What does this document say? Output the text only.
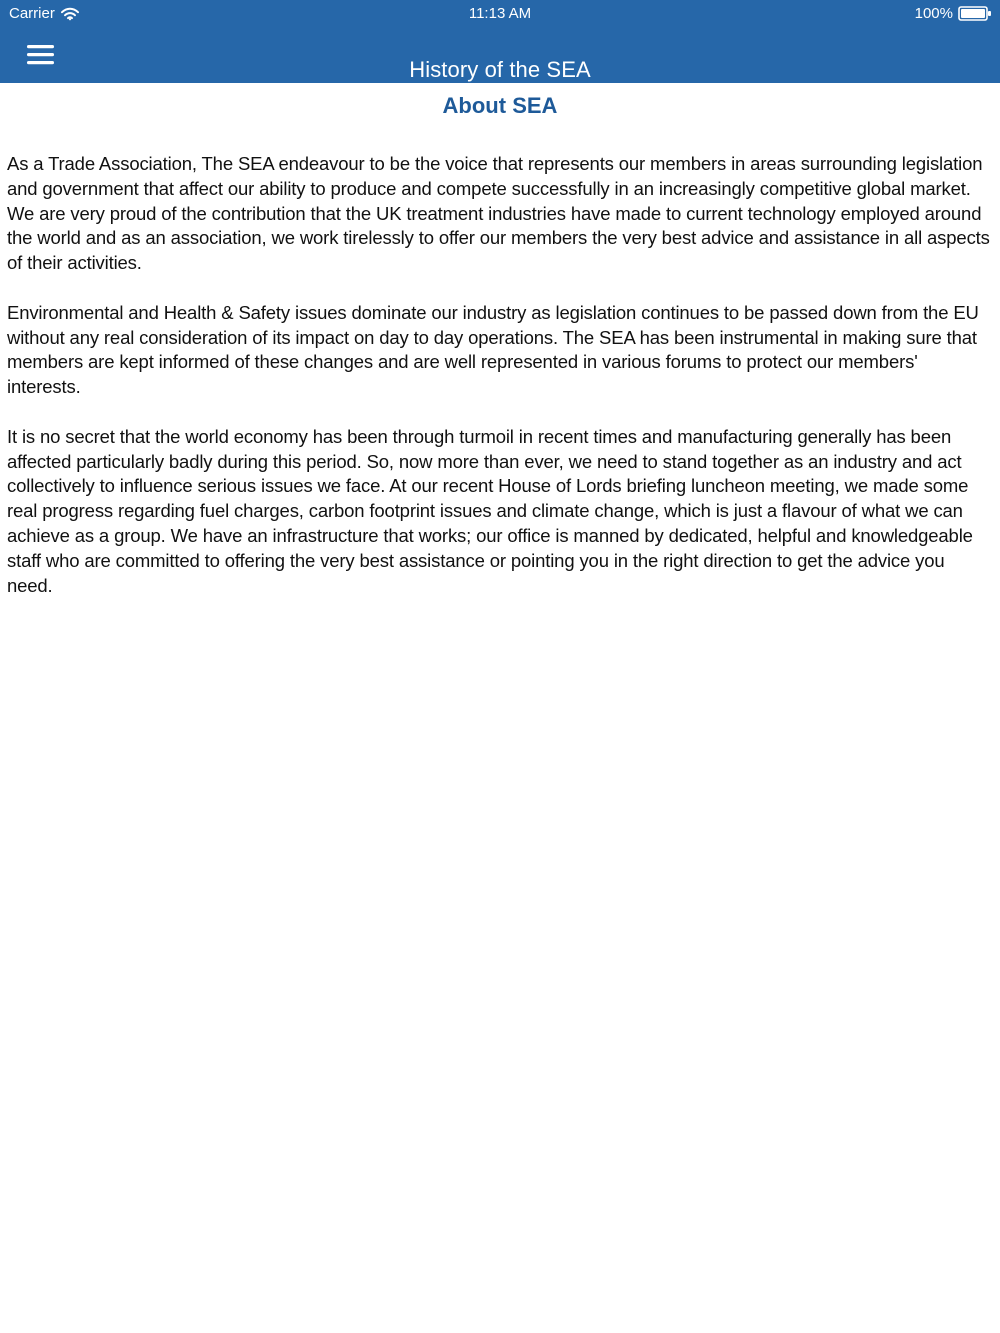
Carrier	11:13 AM	100%
History of the SEA
About SEA

As a Trade Association, The SEA endeavour to be the voice that represents our members in areas surrounding legislation and government that affect our ability to produce and compete successfully in an increasingly competitive global market. We are very proud of the contribution that the UK treatment industries have made to current technology employed around the world and as an association, we work tirelessly to offer our members the very best advice and assistance in all aspects of their activities.

Environmental and Health & Safety issues dominate our industry as legislation continues to be passed down from the EU without any real consideration of its impact on day to day operations. The SEA has been instrumental in making sure that members are kept informed of these changes and are well represented in various forums to protect our members' interests.

It is no secret that the world economy has been through turmoil in recent times and manufacturing generally has been affected particularly badly during this period. So, now more than ever, we need to stand together as an industry and act collectively to influence serious issues we face. At our recent House of Lords briefing luncheon meeting, we made some real progress regarding fuel charges, carbon footprint issues and climate change, which is just a flavour of what we can achieve as a group. We have an infrastructure that works; our office is manned by dedicated, helpful and knowledgeable staff who are committed to offering the very best assistance or pointing you in the right direction to get the advice you need.
